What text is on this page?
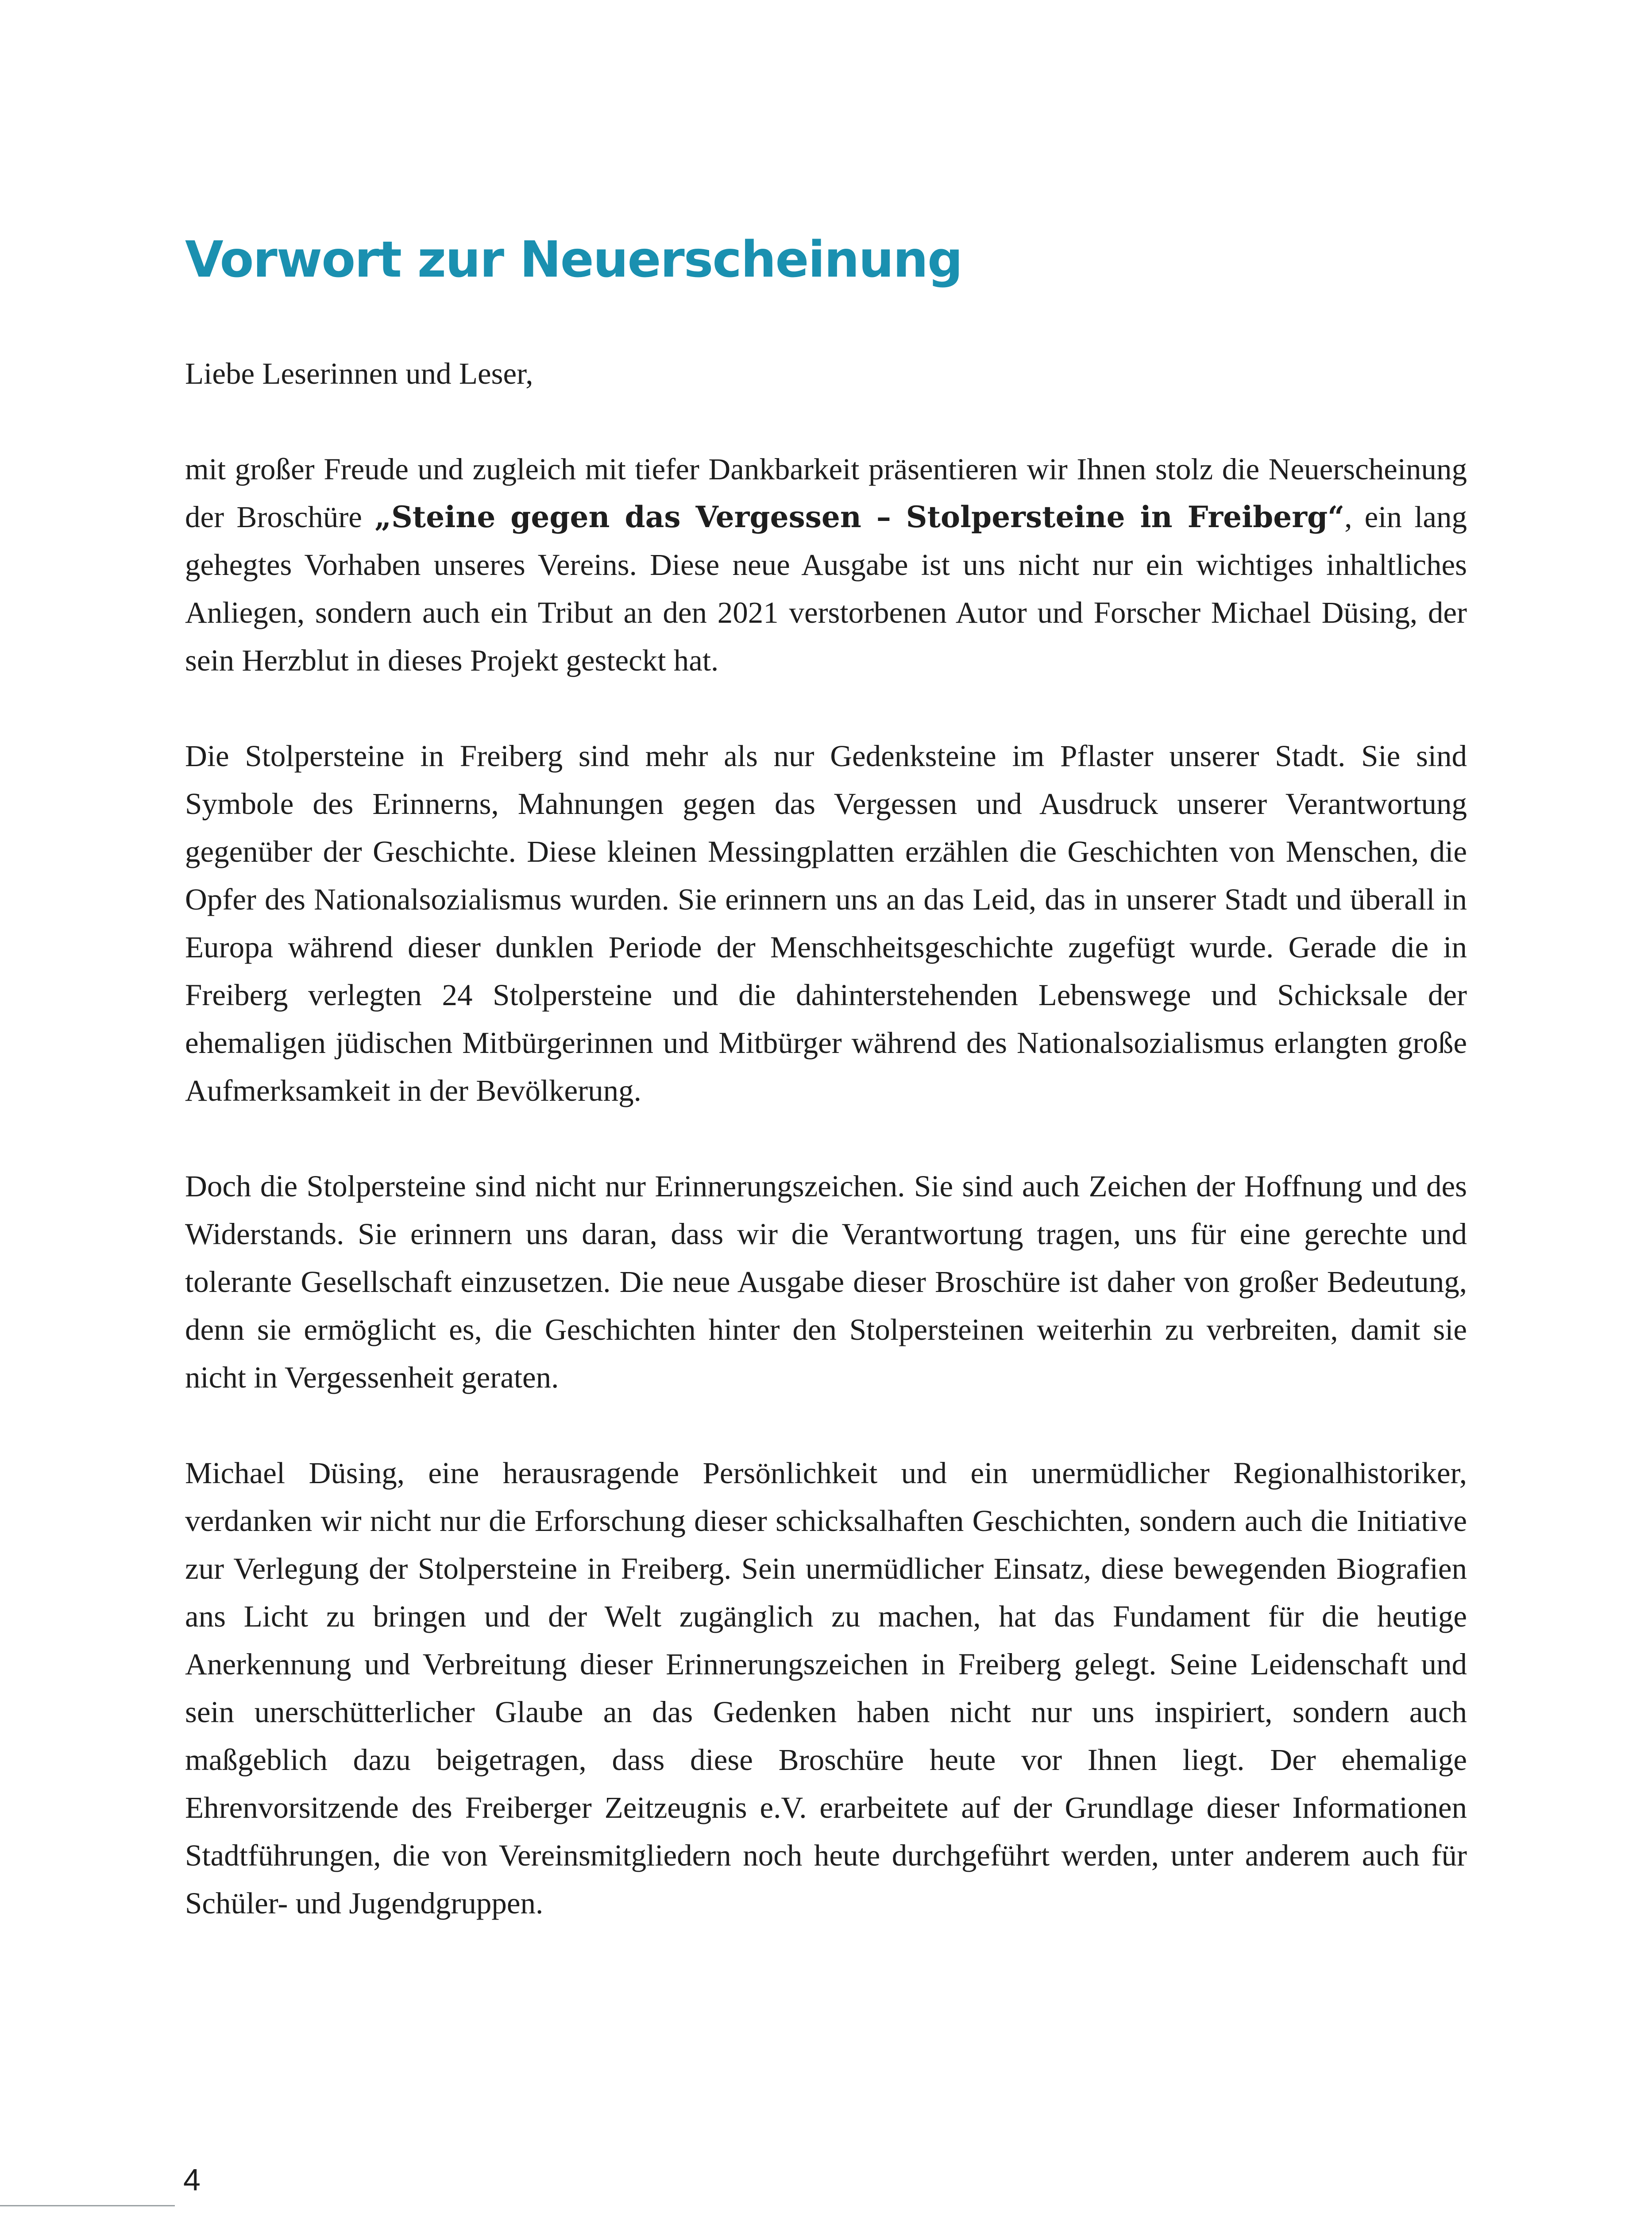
Vorwort zur Neuerscheinung

Liebe Leserinnen und Leser,

mit großer Freude und zugleich mit tiefer Dankbarkeit präsentieren wir Ihnen stolz die Neuerscheinung der Broschüre „Steine gegen das Vergessen – Stolpersteine in Freiberg“, ein lang gehegtes Vorhaben unseres Vereins. Diese neue Ausgabe ist uns nicht nur ein wichtiges inhaltliches Anliegen, sondern auch ein Tribut an den 2021 verstorbenen Autor und Forscher Michael Düsing, der sein Herzblut in dieses Projekt gesteckt hat.

Die Stolpersteine in Freiberg sind mehr als nur Gedenksteine im Pflaster unserer Stadt. Sie sind Symbole des Erinnerns, Mahnungen gegen das Vergessen und Ausdruck unserer Verantwortung gegenüber der Geschichte. Diese kleinen Messingplatten erzählen die Geschichten von Menschen, die Opfer des Nationalsozialismus wurden. Sie erinnern uns an das Leid, das in unserer Stadt und überall in Europa während dieser dunklen Periode der Menschheitsgeschichte zugefügt wurde. Gerade die in Freiberg verlegten 24 Stolpersteine und die dahinterstehenden Lebenswege und Schicksale der ehemaligen jüdischen Mitbürgerinnen und Mitbürger während des Nationalsozialismus erlangten große Aufmerksamkeit in der Bevölkerung.

Doch die Stolpersteine sind nicht nur Erinnerungszeichen. Sie sind auch Zeichen der Hoffnung und des Widerstands. Sie erinnern uns daran, dass wir die Verantwortung tragen, uns für eine gerechte und tolerante Gesellschaft einzusetzen. Die neue Ausgabe dieser Broschüre ist daher von großer Bedeutung, denn sie ermöglicht es, die Geschichten hinter den Stolpersteinen weiterhin zu verbreiten, damit sie nicht in Vergessenheit geraten.

Michael Düsing, eine herausragende Persönlichkeit und ein unermüdlicher Regionalhistoriker, verdanken wir nicht nur die Erforschung dieser schicksalhaften Geschichten, sondern auch die Initiative zur Verlegung der Stolpersteine in Freiberg. Sein unermüdlicher Einsatz, diese bewegenden Biografien ans Licht zu bringen und der Welt zugänglich zu machen, hat das Fundament für die heutige Anerkennung und Verbreitung dieser Erinnerungszeichen in Freiberg gelegt. Seine Leidenschaft und sein unerschütterlicher Glaube an das Gedenken haben nicht nur uns inspiriert, sondern auch maßgeblich dazu beigetragen, dass diese Broschüre heute vor Ihnen liegt. Der ehemalige Ehrenvorsitzende des Freiberger Zeitzeugnis e.V. erarbeitete auf der Grundlage dieser Informationen Stadtführungen, die von Vereinsmitgliedern noch heute durchgeführt werden, unter anderem auch für Schüler- und Jugendgruppen.

4
